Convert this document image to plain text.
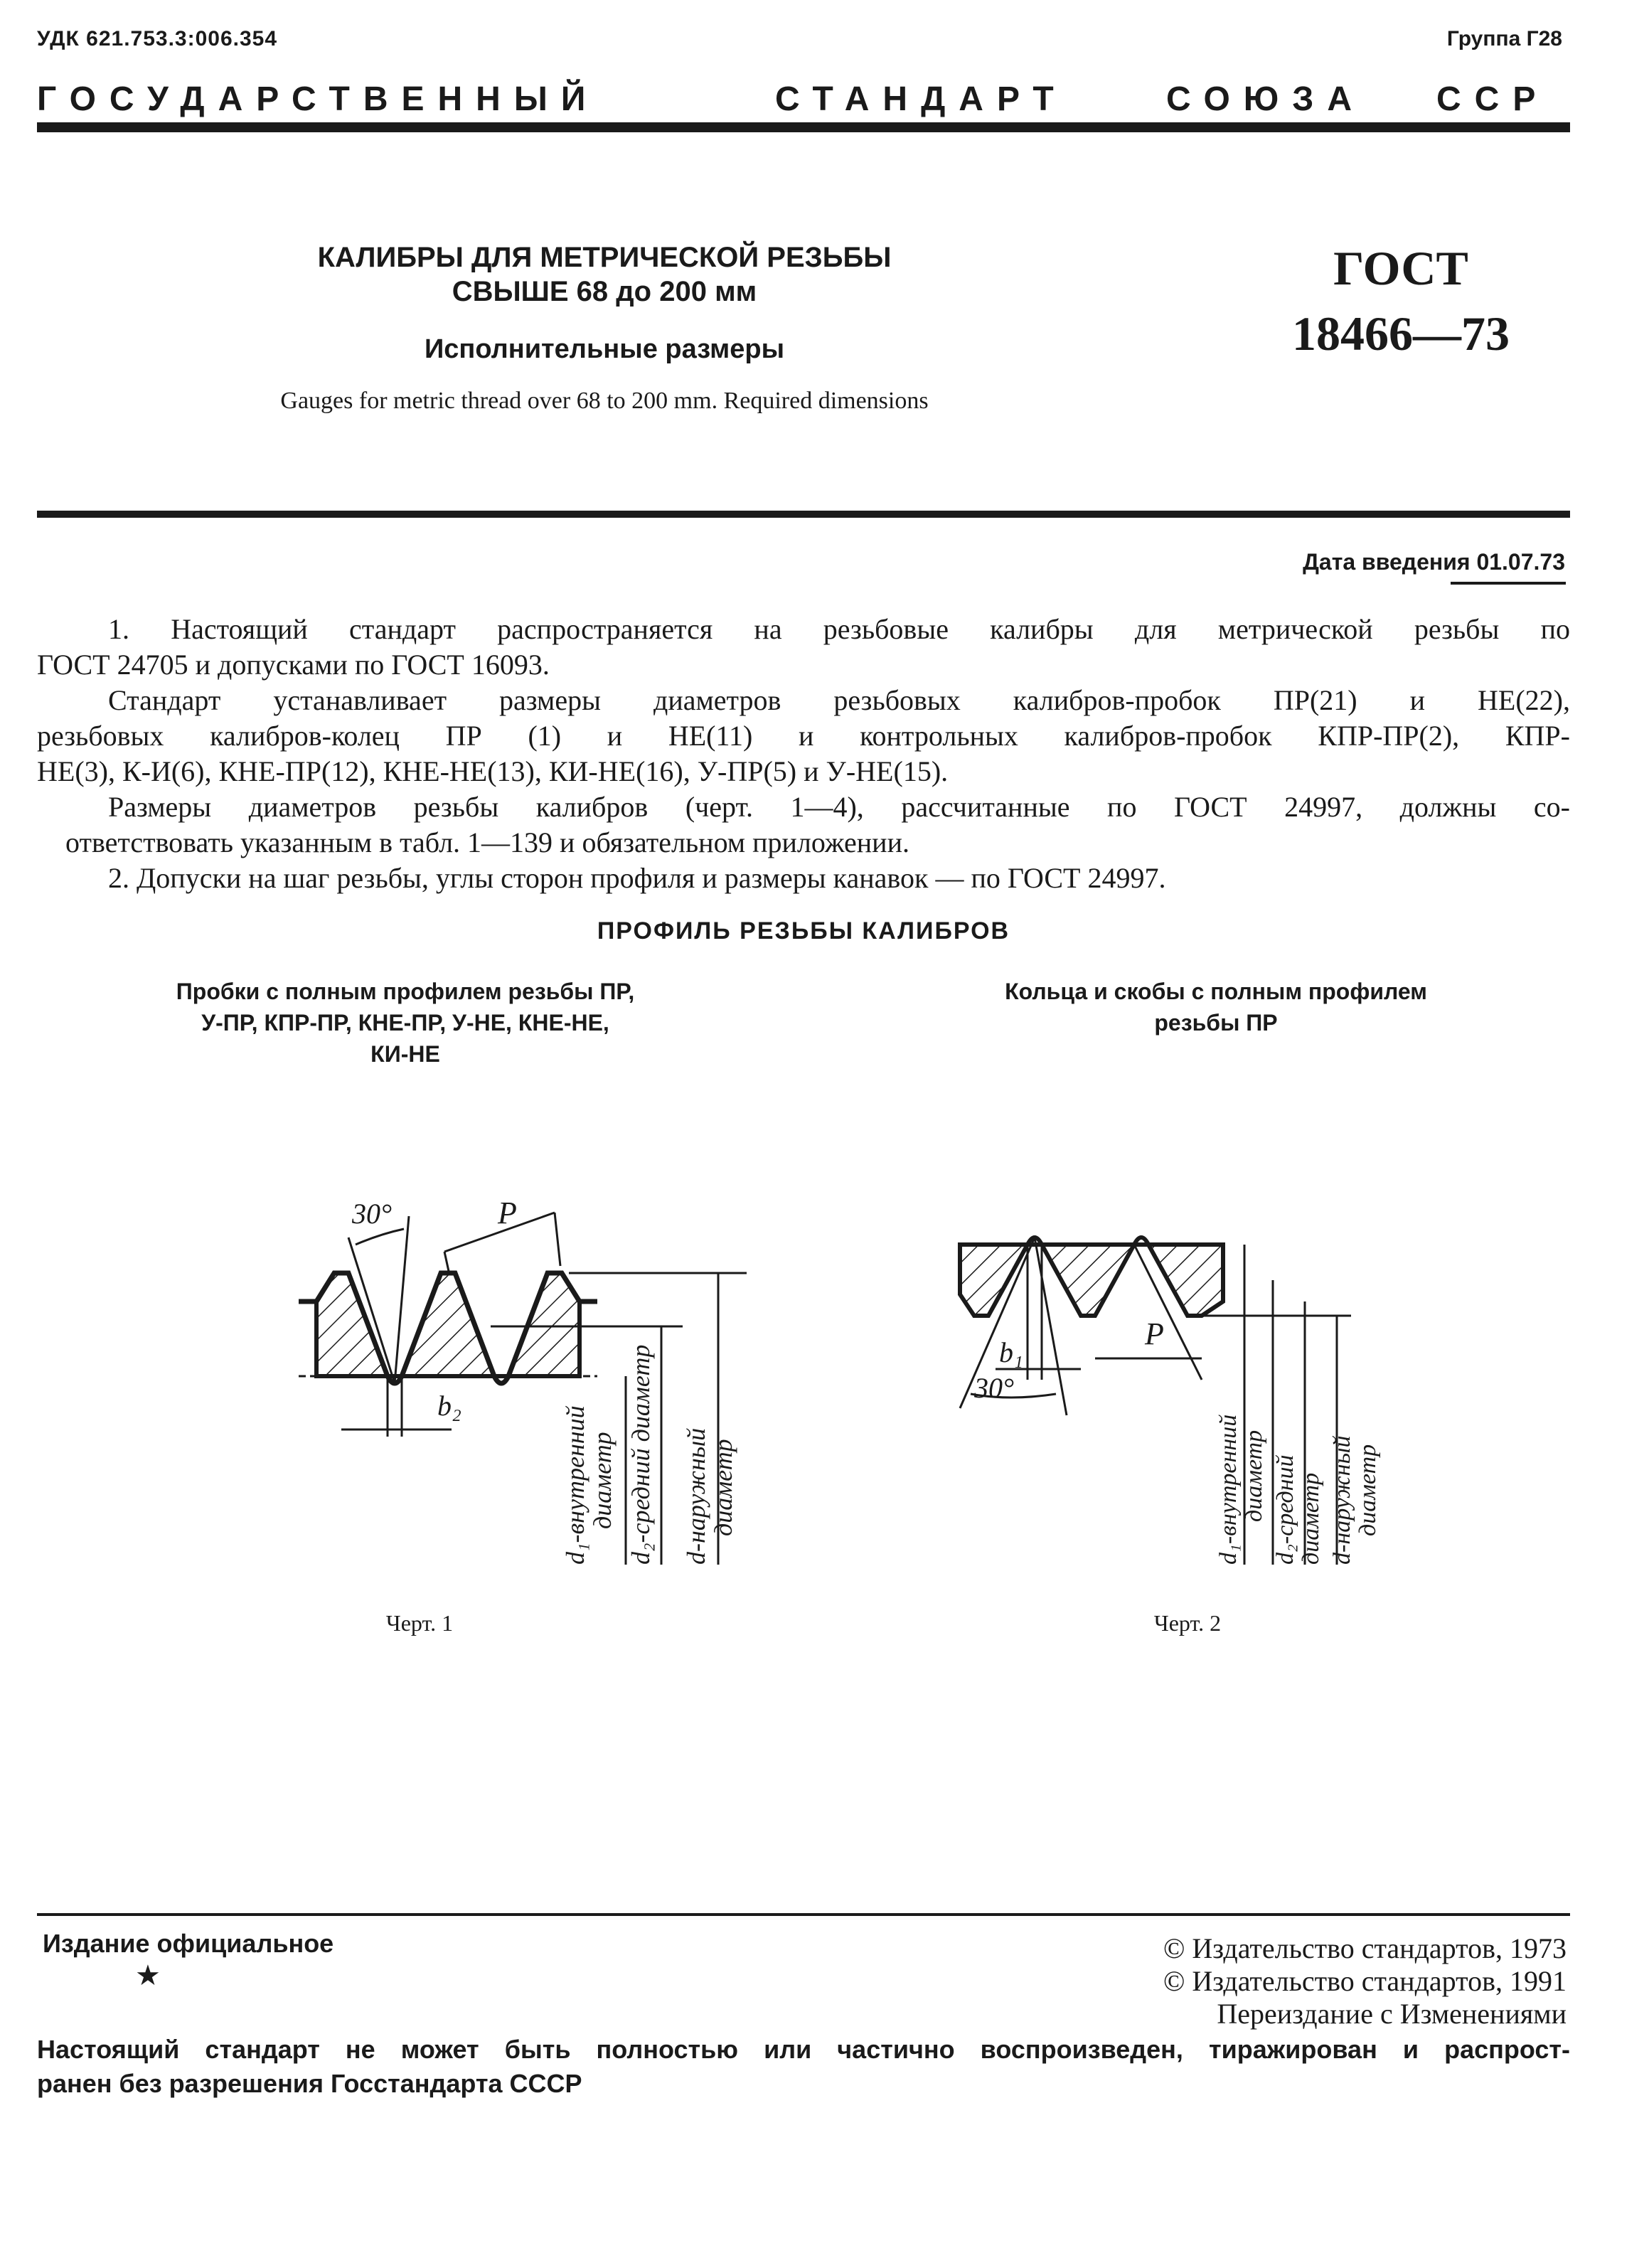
УДК 621.753.3:006.354	Группа Г28
ГОСУДАРСТВЕННЫЙ	СТАНДАРТ	СОЮЗА ССР
КАЛИБРЫ ДЛЯ МЕТРИЧЕСКОЙ РЕЗЬБЫ
СВЫШЕ 68 до 200 мм
Исполнительные размеры
Gauges for metric thread over 68 to 200 mm. Required dimensions
ГОСТ
18466—73
Дата введения 01.07.73
1. Настоящий стандарт распространяется на резьбовые калибры для метрической резьбы по
ГОСТ 24705 и допусками по ГОСТ 16093.
Стандарт устанавливает размеры диаметров резьбовых калибров-пробок ПР(21) и НЕ(22),
резьбовых калибров-колец ПР (1) и НЕ(11) и контрольных калибров-пробок КПР-ПР(2), КПР-
НЕ(3), К-И(6), КНЕ-ПР(12), КНЕ-НЕ(13), КИ-НЕ(16), У-ПР(5) и У-НЕ(15).
Размеры диаметров резьбы калибров (черт. 1—4), рассчитанные по ГОСТ 24997, должны со-
ответствовать указанным в табл. 1—139 и обязательном приложении.
2. Допуски на шаг резьбы, углы сторон профиля и размеры канавок — по ГОСТ 24997.
ПРОФИЛЬ РЕЗЬБЫ КАЛИБРОВ
Пробки с полным профилем резьбы ПР,
У-ПР, КПР-ПР, КНЕ-ПР, У-НЕ, КНЕ-НЕ,
КИ-НЕ
Кольца и скобы с полным профилем
резьбы ПР
30°	P
b₂	d₁-внутренний
диаметр d₂-средний диаметр d-наружный
диаметр
Черт. 1
30°
b₁
P
d₁-внутренний диаметр d₂-средний диаметр d-наружный диаметр
Черт. 2
Издание официальное
★
© Издательство стандартов, 1973
© Издательство стандартов, 1991
Переиздание с Изменениями
Настоящий стандарт не может быть полностью или частично воспроизведен, тиражирован и распрост-
ранен без разрешения Госстандарта СССР
